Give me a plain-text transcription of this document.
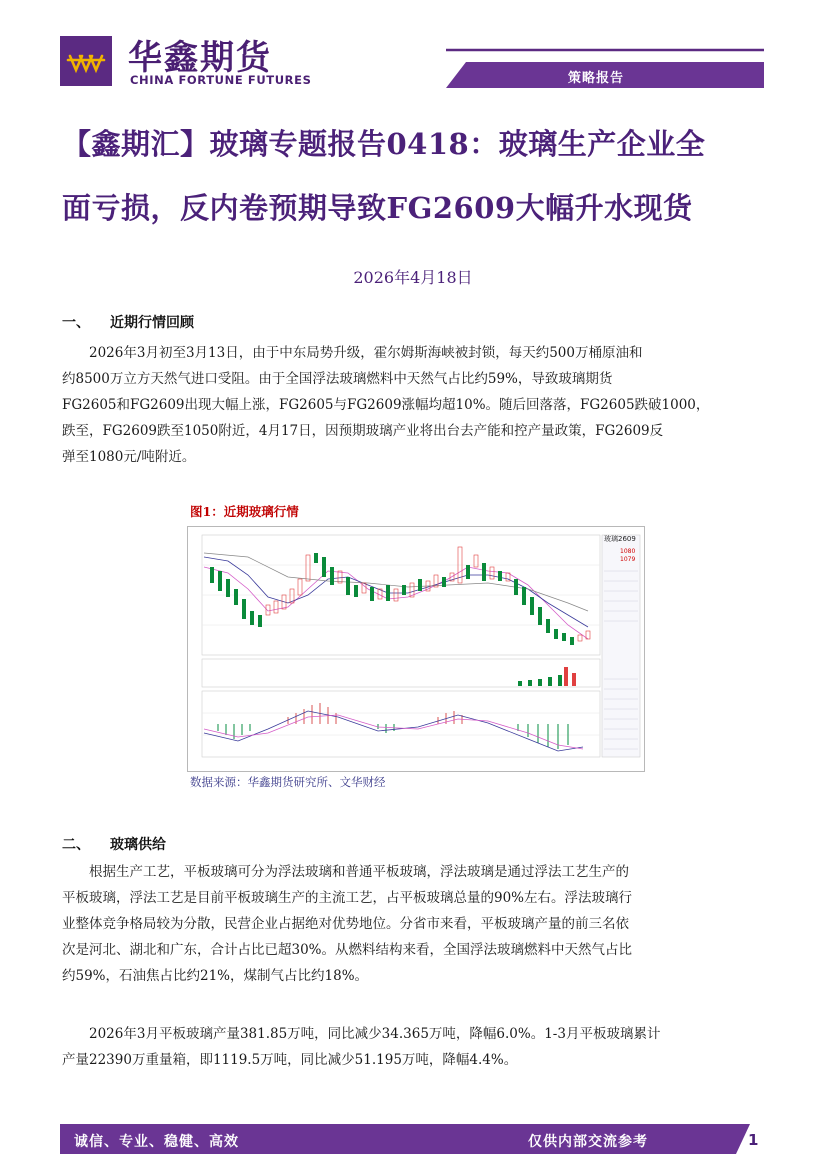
华鑫期货
CHINA FORTUNE FUTURES	策略报告
【鑫期汇】玻璃专题报告0418：玻璃生产企业全
面亏损，反内卷预期导致FG2609大幅升水现货
2026年4月18日
一、 近期行情回顾
2026年3月初至3月13日，由于中东局势升级，霍尔姆斯海峡被封锁，每天约500万桶原油和
约8500万立方天然气进口受阻。由于全国浮法玻璃燃料中天然气占比约59%，导致玻璃期货
FG2605和FG2609出现大幅上涨，FG2605与FG2609涨幅均超10%。随后回落落，FG2605跌破1000，
跌至，FG2609跌至1050附近，4月17日，因预期玻璃产业将出台去产能和控产量政策，FG2609反
弹至1080元/吨附近。
图1：近期玻璃行情
玻璃2609
1080
1079
数据来源：华鑫期货研究所、文华财经
二、 玻璃供给
根据生产工艺，平板玻璃可分为浮法玻璃和普通平板玻璃，浮法玻璃是通过浮法工艺生产的
平板玻璃，浮法工艺是目前平板玻璃生产的主流工艺，占平板玻璃总量的90%左右。浮法玻璃行
业整体竞争格局较为分散，民营企业占据绝对优势地位。分省市来看，平板玻璃产量的前三名依
次是河北、湖北和广东，合计占比已超30%。从燃料结构来看，全国浮法玻璃燃料中天然气占比
约59%，石油焦占比约21%，煤制气占比约18%。
2026年3月平板玻璃产量381.85万吨，同比减少34.365万吨，降幅6.0%。1-3月平板玻璃累计
产量22390万重量箱，即1119.5万吨，同比减少51.195万吨，降幅4.4%。
诚信、专业、稳健、高效	仅供内部交流参考	1
